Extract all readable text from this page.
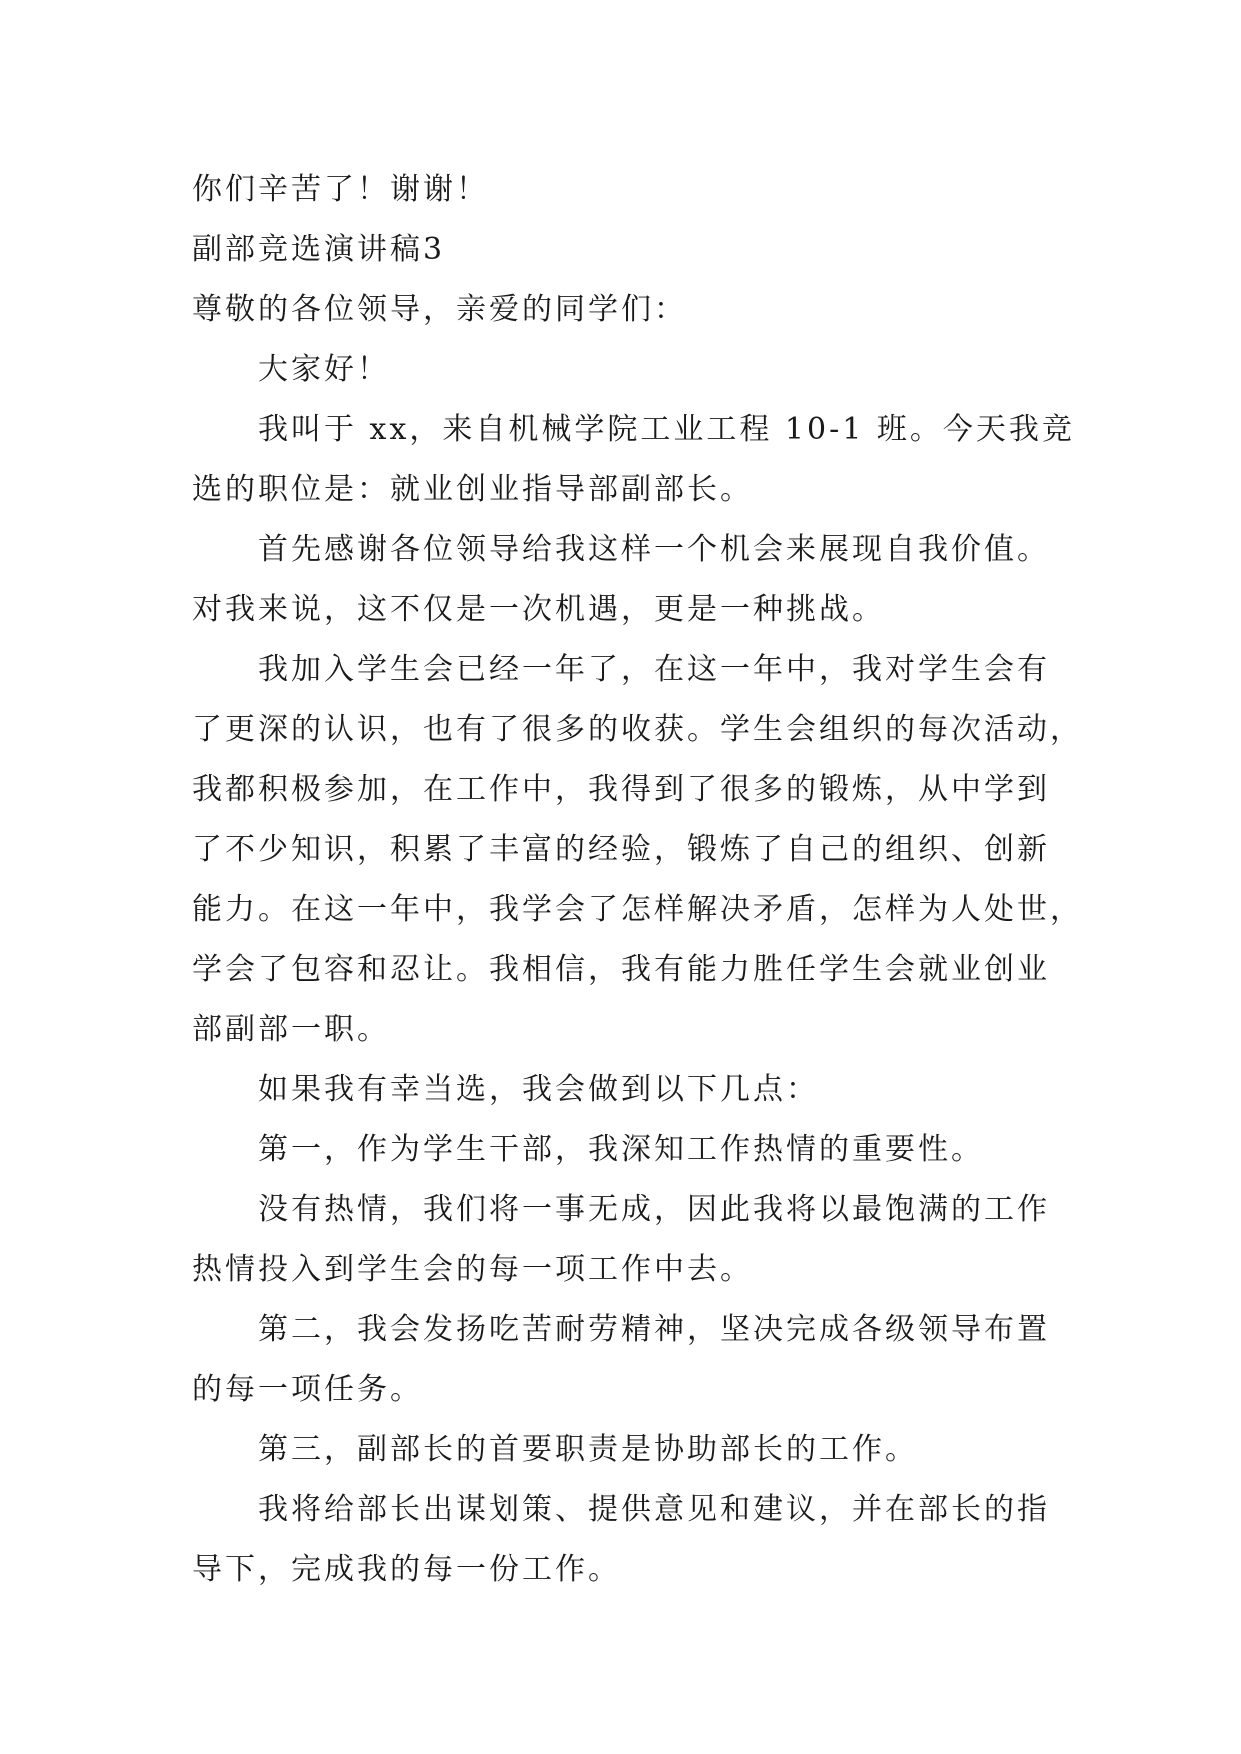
你们辛苦了！谢谢！
副部竞选演讲稿3
尊敬的各位领导，亲爱的同学们：
大家好！
我叫于 xx，来自机械学院工业工程 10-1 班。今天我竞
选的职位是：就业创业指导部副部长。
首先感谢各位领导给我这样一个机会来展现自我价值。
对我来说，这不仅是一次机遇，更是一种挑战。
我加入学生会已经一年了，在这一年中，我对学生会有
了更深的认识，也有了很多的收获。学生会组织的每次活动，
我都积极参加，在工作中，我得到了很多的锻炼，从中学到
了不少知识，积累了丰富的经验，锻炼了自己的组织、创新
能力。在这一年中，我学会了怎样解决矛盾，怎样为人处世，
学会了包容和忍让。我相信，我有能力胜任学生会就业创业
部副部一职。
如果我有幸当选，我会做到以下几点：
第一，作为学生干部，我深知工作热情的重要性。
没有热情，我们将一事无成，因此我将以最饱满的工作
热情投入到学生会的每一项工作中去。
第二，我会发扬吃苦耐劳精神，坚决完成各级领导布置
的每一项任务。
第三，副部长的首要职责是协助部长的工作。
我将给部长出谋划策、提供意见和建议，并在部长的指
导下，完成我的每一份工作。
